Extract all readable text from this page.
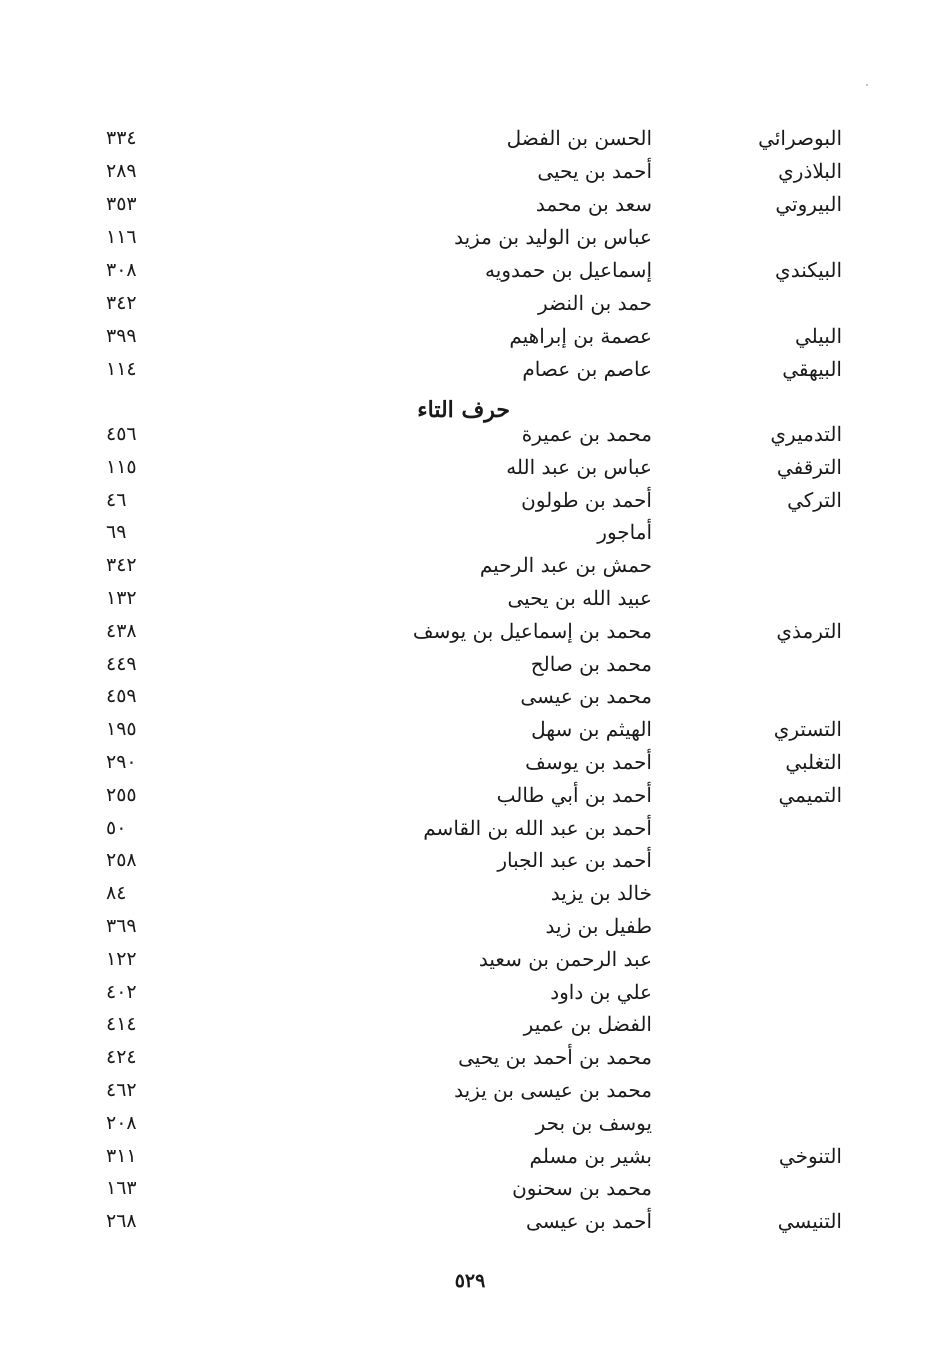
البوصرائي
الحسن بن الفضل
٣٣٤
البلاذري
أحمد بن يحيى
٢٨٩
البيروتي
سعد بن محمد
٣٥٣
عباس بن الوليد بن مزيد
١١٦
البيكندي
إسماعيل بن حمدويه
٣٠٨
حمد بن النضر
٣٤٢
البيلي
عصمة بن إبراهيم
٣٩٩
البيهقي
عاصم بن عصام
١١٤
حرف التاء
التدميري
محمد بن عميرة
٤٥٦
الترقفي
عباس بن عبد الله
١١٥
التركي
أحمد بن طولون
٤٦
أماجور
٦٩
حمش بن عبد الرحيم
٣٤٢
عبيد الله بن يحيى
١٣٢
الترمذي
محمد بن إسماعيل بن يوسف
٤٣٨
محمد بن صالح
٤٤٩
محمد بن عيسى
٤٥٩
التستري
الهيثم بن سهل
١٩٥
التغلبي
أحمد بن يوسف
٢٩٠
التميمي
أحمد بن أبي طالب
٢٥٥
أحمد بن عبد الله بن القاسم
٥٠
أحمد بن عبد الجبار
٢٥٨
خالد بن يزيد
٨٤
طفيل بن زيد
٣٦٩
عبد الرحمن بن سعيد
١٢٢
علي بن داود
٤٠٢
الفضل بن عمير
٤١٤
محمد بن أحمد بن يحيى
٤٢٤
محمد بن عيسى بن يزيد
٤٦٢
يوسف بن بحر
٢٠٨
التنوخي
بشير بن مسلم
٣١١
محمد بن سحنون
١٦٣
التنيسي
أحمد بن عيسى
٢٦٨
٥٢٩
